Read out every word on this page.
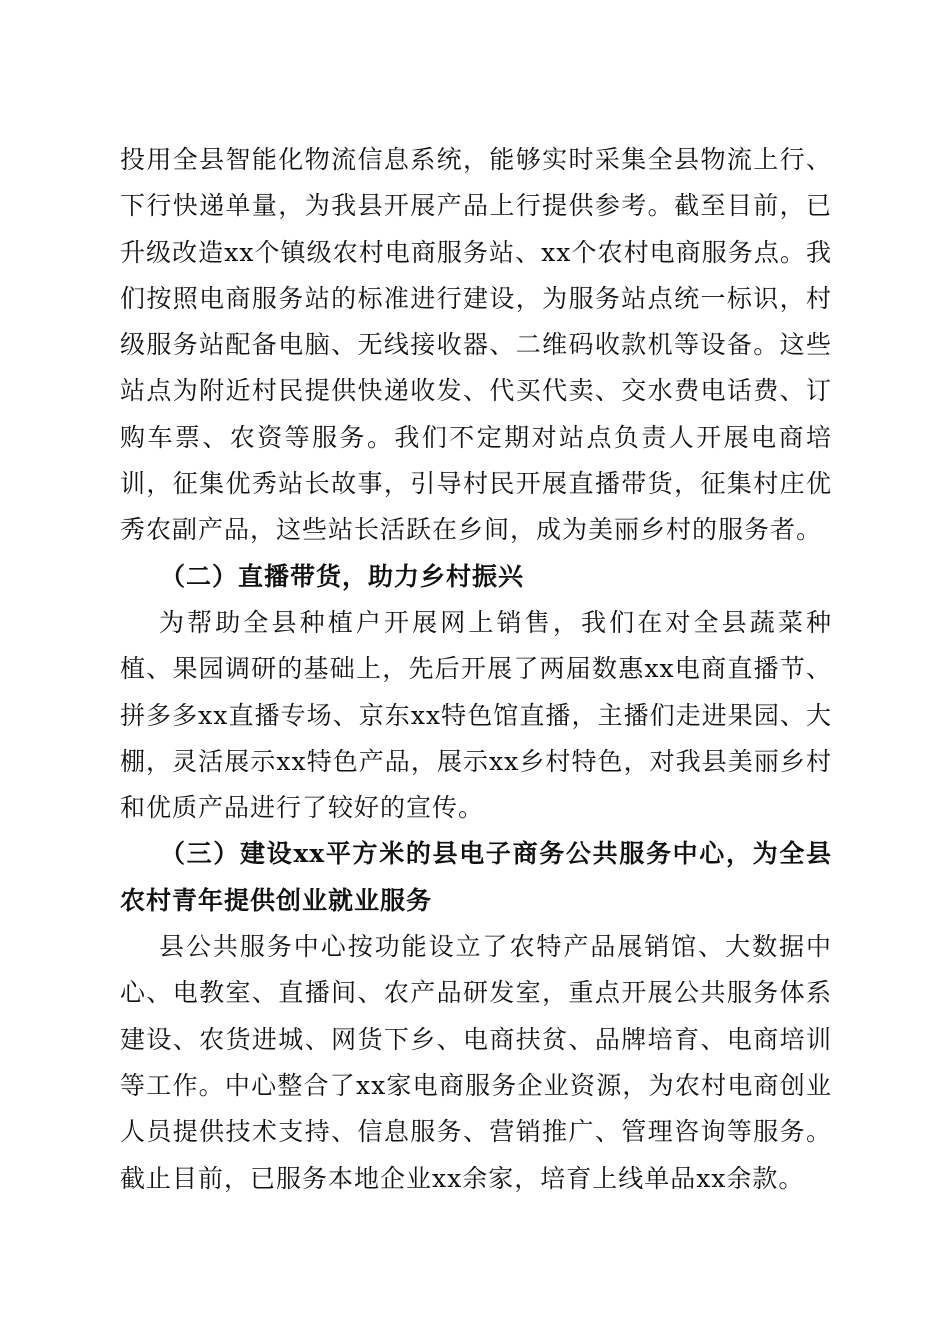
投用全县智能化物流信息系统，能够实时采集全县物流上行、下行快递单量，为我县开展产品上行提供参考。截至目前，已升级改造xx个镇级农村电商服务站、xx个农村电商服务点。我们按照电商服务站的标准进行建设，为服务站点统一标识，村级服务站配备电脑、无线接收器、二维码收款机等设备。这些站点为附近村民提供快递收发、代买代卖、交水费电话费、订购车票、农资等服务。我们不定期对站点负责人开展电商培训，征集优秀站长故事，引导村民开展直播带货，征集村庄优秀农副产品，这些站长活跃在乡间，成为美丽乡村的服务者。

（二）直播带货，助力乡村振兴

为帮助全县种植户开展网上销售，我们在对全县蔬菜种植、果园调研的基础上，先后开展了两届数惠xx电商直播节、拼多多xx直播专场、京东xx特色馆直播，主播们走进果园、大棚，灵活展示xx特色产品，展示xx乡村特色，对我县美丽乡村和优质产品进行了较好的宣传。

（三）建设xx平方米的县电子商务公共服务中心，为全县农村青年提供创业就业服务

县公共服务中心按功能设立了农特产品展销馆、大数据中心、电教室、直播间、农产品研发室，重点开展公共服务体系建设、农货进城、网货下乡、电商扶贫、品牌培育、电商培训等工作。中心整合了xx家电商服务企业资源，为农村电商创业人员提供技术支持、信息服务、营销推广、管理咨询等服务。截止目前，已服务本地企业xx余家，培育上线单品xx余款。
